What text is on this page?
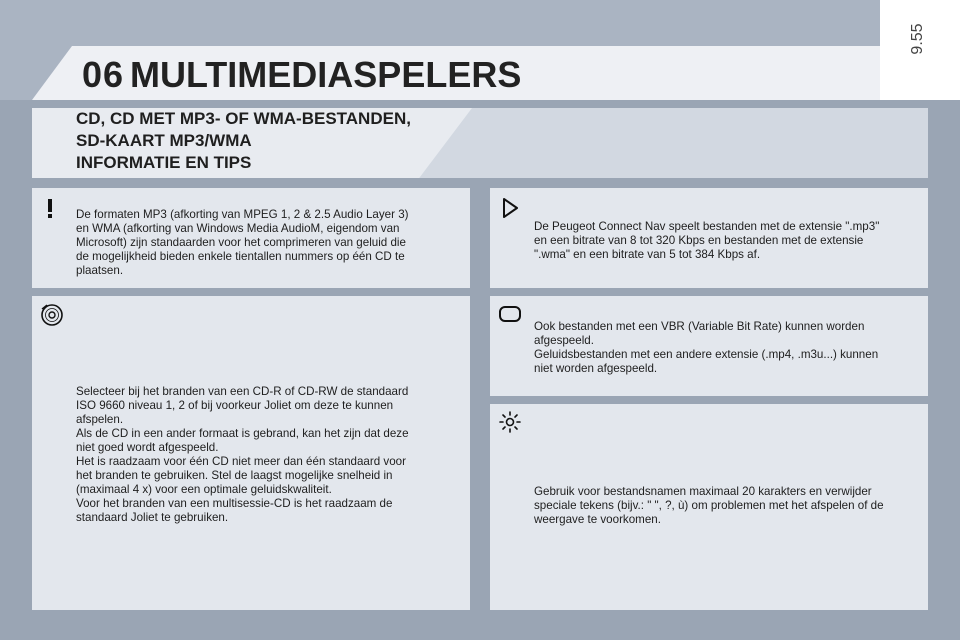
9.55
06 MULTIMEDIASPELERS
CD, CD MET MP3- OF WMA-BESTANDEN,
SD-KAART MP3/WMA
INFORMATIE EN TIPS
De formaten MP3 (afkorting van MPEG 1, 2 & 2.5 Audio Layer 3)
en WMA (afkorting van Windows Media AudioM, eigendom van
Microsoft) zijn standaarden voor het comprimeren van geluid die
de mogelijkheid bieden enkele tientallen nummers op één CD te
plaatsen.
Selecteer bij het branden van een CD-R of CD-RW de standaard
ISO 9660 niveau 1, 2 of bij voorkeur Joliet om deze te kunnen
afspelen.
Als de CD in een ander formaat is gebrand, kan het zijn dat deze
niet goed wordt afgespeeld.
Het is raadzaam voor één CD niet meer dan één standaard voor
het branden te gebruiken. Stel de laagst mogelijke snelheid in
(maximaal 4 x) voor een optimale geluidskwaliteit.
Voor het branden van een multisessie-CD is het raadzaam de
standaard Joliet te gebruiken.
De Peugeot Connect Nav speelt bestanden met de extensie ".mp3"
en een bitrate van 8 tot 320 Kbps en bestanden met de extensie
".wma" en een bitrate van 5 tot 384 Kbps af.
Ook bestanden met een VBR (Variable Bit Rate) kunnen worden
afgespeeld.
Geluidsbestanden met een andere extensie (.mp4, .m3u...) kunnen
niet worden afgespeeld.
Gebruik voor bestandsnamen maximaal 20 karakters en verwijder
speciale tekens (bijv.: " ", ?, ù) om problemen met het afspelen of de
weergave te voorkomen.
